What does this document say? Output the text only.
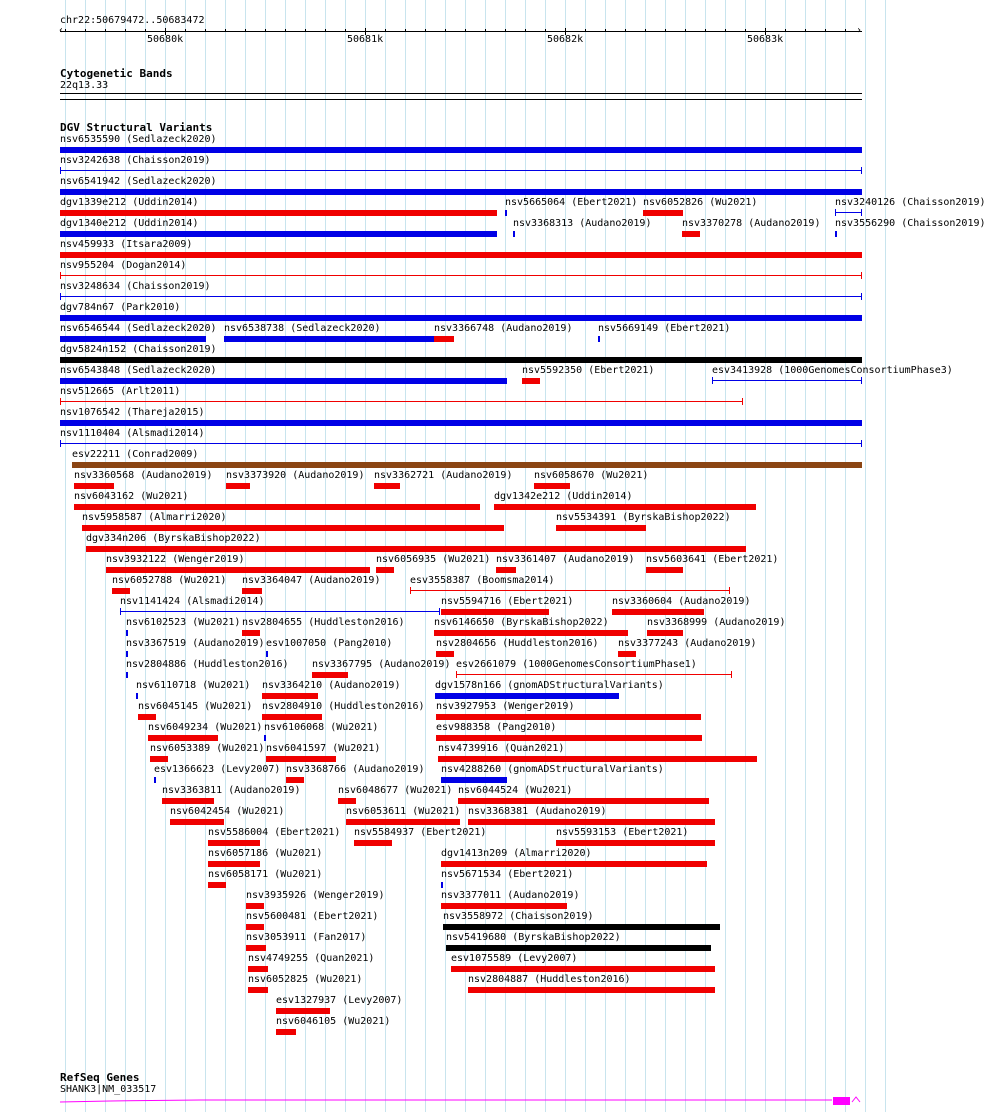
chr22:50679472..50683472
‹	›
50680k	50681k	50682k	50683k
Cytogenetic Bands
22q13.33
DGV Structural Variants
nsv6535590 (Sedlazeck2020)
nsv3242638 (Chaisson2019)
nsv6541942 (Sedlazeck2020)
dgv1339e212 (Uddin2014)	nsv5665064 (Ebert2021) nsv6052826 (Wu2021)	nsv3240126 (Chaisson2019)
dgv1340e212 (Uddin2014)	nsv3368313 (Audano2019)	nsv3370278 (Audano2019) nsv3556290 (Chaisson2019)
nsv459933 (Itsara2009)
nsv955204 (Dogan2014)
nsv3248634 (Chaisson2019)
dgv784n67 (Park2010)
nsv6546544 (Sedlazeck2020) nsv6538738 (Sedlazeck2020)	nsv3366748 (Audano2019)	nsv5669149 (Ebert2021)
dgv5824n152 (Chaisson2019)
nsv6543848 (Sedlazeck2020)	nsv5592350 (Ebert2021)	esv3413928 (1000GenomesConsortiumPhase3)
nsv512665 (Arlt2011)
nsv1076542 (Thareja2015)
nsv1110404 (Alsmadi2014)
esv22211 (Conrad2009)
nsv3360568 (Audano2019) nsv3373920 (Audano2019) nsv3362721 (Audano2019) nsv6058670 (Wu2021)
nsv6043162 (Wu2021)	dgv1342e212 (Uddin2014)
nsv5958587 (Almarri2020)	nsv5534391 (ByrskaBishop2022)
dgv334n206 (ByrskaBishop2022)
nsv3932122 (Wenger2019)	nsv6056935 (Wu2021) nsv3361407 (Audano2019) nsv5603641 (Ebert2021)
nsv6052788 (Wu2021) nsv3364047 (Audano2019)	esv3558387 (Boomsma2014)
nsv1141424 (Alsmadi2014)	nsv5594716 (Ebert2021)	nsv3360604 (Audano2019)
nsv6102523 (Wu2021) nsv2804655 (Huddleston2016)	nsv6146650 (ByrskaBishop2022)	nsv3368999 (Audano2019)
nsv3367519 (Audano2019) esv1007050 (Pang2010)	nsv2804656 (Huddleston2016) nsv3377243 (Audano2019)
nsv2804886 (Huddleston2016) nsv3367795 (Audano2019) esv2661079 (1000GenomesConsortiumPhase1)
nsv6110718 (Wu2021) nsv3364210 (Audano2019)	dgv1578n166 (gnomADStructuralVariants)
nsv6045145 (Wu2021) nsv2804910 (Huddleston2016) nsv3927953 (Wenger2019)
nsv6049234 (Wu2021) nsv6106068 (Wu2021)	esv988358 (Pang2010)
nsv6053389 (Wu2021) nsv6041597 (Wu2021)	nsv4739916 (Quan2021)
esv1366623 (Levy2007) nsv3368766 (Audano2019) nsv4288260 (gnomADStructuralVariants)
nsv3363811 (Audano2019)	nsv6048677 (Wu2021) nsv6044524 (Wu2021)
nsv6042454 (Wu2021)	nsv6053611 (Wu2021) nsv3368381 (Audano2019)
nsv5586004 (Ebert2021) nsv5584937 (Ebert2021)	nsv5593153 (Ebert2021)
nsv6057186 (Wu2021)	dgv1413n209 (Almarri2020)
nsv6058171 (Wu2021)	nsv5671534 (Ebert2021)
nsv3935926 (Wenger2019)	nsv3377011 (Audano2019)
nsv5600481 (Ebert2021)	nsv3558972 (Chaisson2019)
nsv3053911 (Fan2017)	nsv5419680 (ByrskaBishop2022)
nsv4749255 (Quan2021)	esv1075589 (Levy2007)
nsv6052825 (Wu2021)	nsv2804887 (Huddleston2016)
esv1327937 (Levy2007)
nsv6046105 (Wu2021)
RefSeq Genes
SHANK3|NM_033517
